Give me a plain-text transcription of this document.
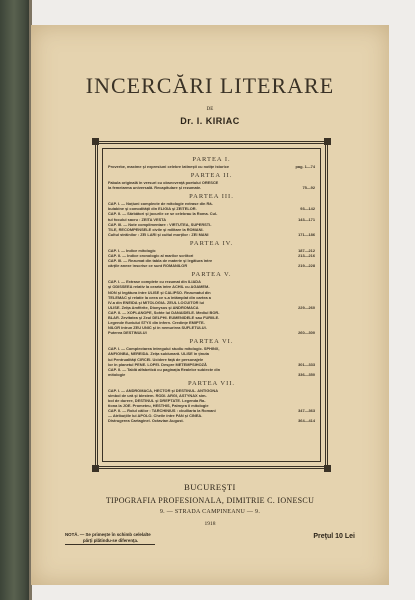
INCERCĂRI LITERARE
DE
Dr. I. KIRIAC
PARTEA I.
Proverbe, maxime şi expresiuni celebre latineşti cu notiţe istorice	pag. 1—74
PARTEA II.
Fabula originală în versuri cu obsecvenţă poetului ORESCE
la femeiarma universală. Recapitulare şi rezumate.	75—92
PARTEA III.
CAP. I. — Noţiuni complecte de mitologie extrase din Ră-
buiabine şi comodităţii din ELIGIA şi ZEITELOR.	93—142
CAP. II. — Sărbători şi jocurile ce se celebrau la Roma. Cul-
tul focului sacru : ZEITA VESTA	143—171
CAP. III. — Note complimentare : VIRTUTEA, SUPERSTI-
TILE, RECOMPENSELE civile şi militare la ROMANI.
Cultul străinilor : ZEI LARI şi cultul morţilor : ZEI MANI	171—186
PARTEA IV.
CAP. I. — Indice mitologic	187—212
CAP. II. — Indice cronologic al marilor scriitori	213—216
CAP. III. — Rezumat din tabla de materie şi legătura între
cărţile anexe înscrise ce sunt ROMANILOR	219—228
PARTEA V.
CAP. I. — Extrase complete cu rezumat din ILIADA
şi ODISSEEA relativ la cearta între ACHIL cu AGAMEM-
NON şi legătura între ULISE şi CALIPSO. Rezumatul din
TELEMAC şi relatie la ceea ce s-a întâmplat din cartea a
IV-a din ENEIDA şi MITOLOGIA. ZEUL LOCUITOR lui
ULISE. Zeiţa Amfitrite, Dionysos şi ANDROMACA	229—260
CAP. II. — XOPLANOPE, Sohte lui DANAIDELE. Mediul BOR-
BLAR. Zevitatea şi Zeul DELPHI. EUMENIDELE sau FURIILE.
Legende fluviului STYX din infern. Credinţe EMIPTE-
NILOR întrun ZEU UNIC şi în nemurirea SUFLETULUI.
Puterea DESTINULUI	260—300
PARTEA VI.
CAP. I. — Complectarea întregului studiu mitologic. SPHINX,
ANFIONBA, NEREIDA. Zeiţa sublunară. ULISE în ţinuta
lui Pentrualităţi CIRCEI. Ucidere faţă de personajele
lor în planetul PENE. LOPEI. Despre METEMPSIHOZĂ	301—333
CAP. II. — Tablă alfabetică cu paginaţia Realelor subiecte din
mitologie	336—350
PARTEA VII.
CAP. I. — ANDROMACA, HECTOR şi DESTINUL. ANTIGONA
simbol de ură şi blestem. RODI. ARGI, ASTYNAX sim-
bol de durere, DESTINUL şi DREPTATE. Legenda Ra-
tiona la JOE. Prometeu, HESTHIS, Palmyra îi mitologie
CAP. II. — Rolul căilor : TARCHINIUS : cbulliaria la Romani	347—363
— Atribuţiile lui APOLO. Cheile între PAN şi CINEA.
Distrugerea Cartaginei. Octavian August.	364—414
BUCUREŞTI
TIPOGRAFIA PROFESIONALA, DIMITRIE C. IONESCU
9. — STRADA CAMPINEANU — 9.
1918
NOTĂ. — Se primeşte în schimb celelalte
părţi plătindu-se diferenţa.
Preţul 10 Lei
